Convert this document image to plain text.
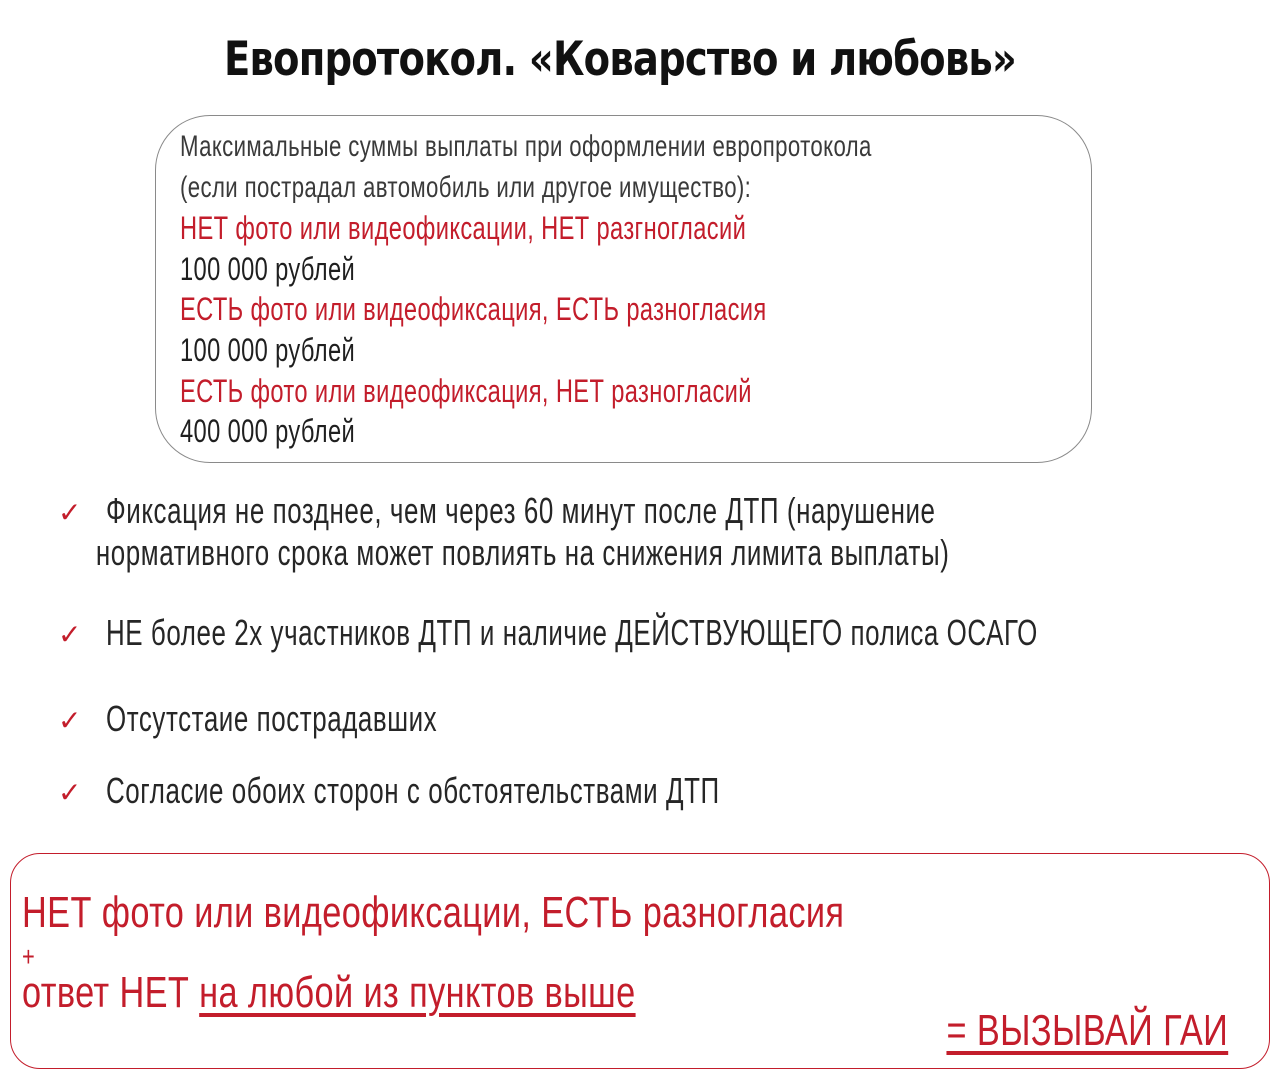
Евопротокол. «Коварство и любовь»
Максимальные суммы выплаты при оформлении европротокола
(если пострадал автомобиль или другое имущество):
НЕТ фото или видеофиксации, НЕТ разгногласий
100 000 рублей
ЕСТЬ фото или видеофиксация, ЕСТЬ разногласия
100 000 рублей
ЕСТЬ фото или видеофиксация, НЕТ разногласий
400 000 рублей
✓ Фиксация не позднее, чем через 60 минут после ДТП (нарушение
нормативного срока может повлиять на снижения лимита выплаты)
✓ НЕ более 2х участников ДТП и наличие ДЕЙСТВУЮЩЕГО полиса ОСАГО
✓ Отсутстаие пострадавших
✓ Согласие обоих сторон с обстоятельствами ДТП
НЕТ фото или видеофиксации, ЕСТЬ разногласия
+
ответ НЕТ на любой из пунктов выше
= ВЫЗЫВАЙ ГАИ
